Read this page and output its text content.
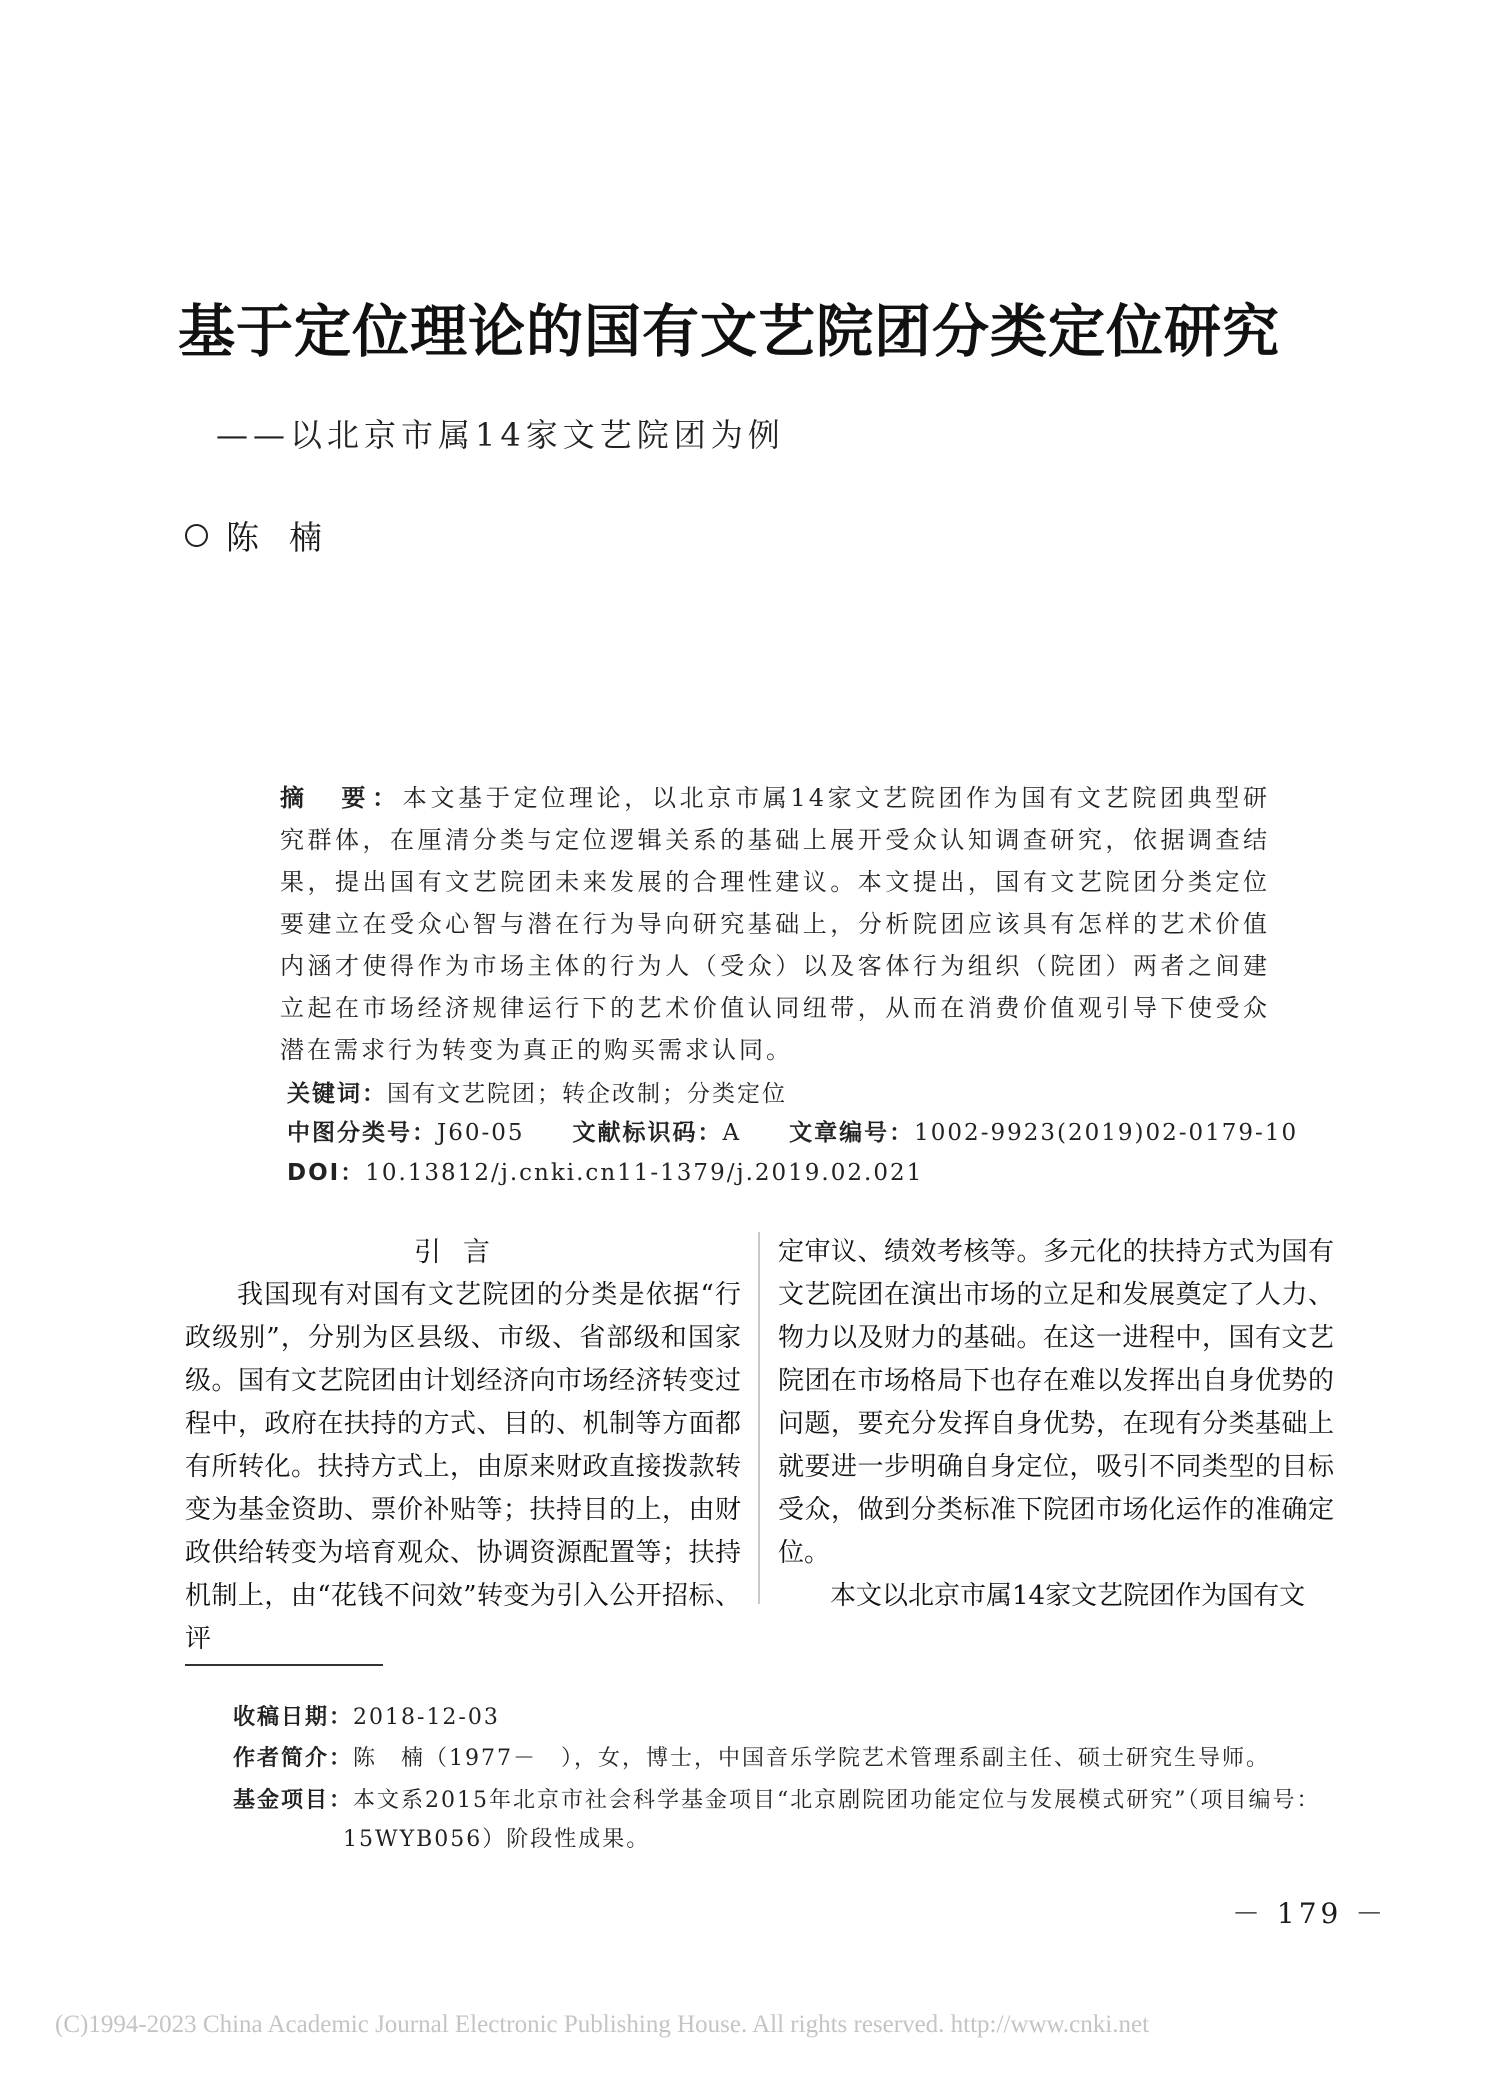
基于定位理论的国有文艺院团分类定位研究
——以北京市属14家文艺院团为例
陈楠
摘　要：本文基于定位理论，以北京市属14家文艺院团作为国有文艺院团典型研究群体，在厘清分类与定位逻辑关系的基础上展开受众认知调查研究，依据调查结果，提出国有文艺院团未来发展的合理性建议。本文提出，国有文艺院团分类定位要建立在受众心智与潜在行为导向研究基础上，分析院团应该具有怎样的艺术价值内涵才使得作为市场主体的行为人（受众）以及客体行为组织（院团）两者之间建立起在市场经济规律运行下的艺术价值认同纽带，从而在消费价值观引导下使受众潜在需求行为转变为真正的购买需求认同。
关键词：国有文艺院团；转企改制；分类定位
中图分类号：J60-05 文献标识码：A 文章编号：1002-9923(2019)02-0179-10
DOI：10.13812/j.cnki.cn11-1379/j.2019.02.021
引言

我国现有对国有文艺院团的分类是依据“行政级别”，分别为区县级、市级、省部级和国家级。国有文艺院团由计划经济向市场经济转变过程中，政府在扶持的方式、目的、机制等方面都有所转化。扶持方式上，由原来财政直接拨款转变为基金资助、票价补贴等；扶持目的上，由财政供给转变为培育观众、协调资源配置等；扶持机制上，由“花钱不问效”转变为引入公开招标、评

定审议、绩效考核等。多元化的扶持方式为国有文艺院团在演出市场的立足和发展奠定了人力、物力以及财力的基础。在这一进程中，国有文艺院团在市场格局下也存在难以发挥出自身优势的问题，要充分发挥自身优势，在现有分类基础上就要进一步明确自身定位，吸引不同类型的目标受众，做到分类标准下院团市场化运作的准确定位。

本文以北京市属14家文艺院团作为国有文

收稿日期：2018-12-03
作者简介：陈　楠（1977－　），女，博士，中国音乐学院艺术管理系副主任、硕士研究生导师。
基金项目：本文系2015年北京市社会科学基金项目“北京剧院团功能定位与发展模式研究”（项目编号：
15WYB056）阶段性成果。
－ 179 －
(C)1994-2023 China Academic Journal Electronic Publishing House. All rights reserved. http://www.cnki.net
